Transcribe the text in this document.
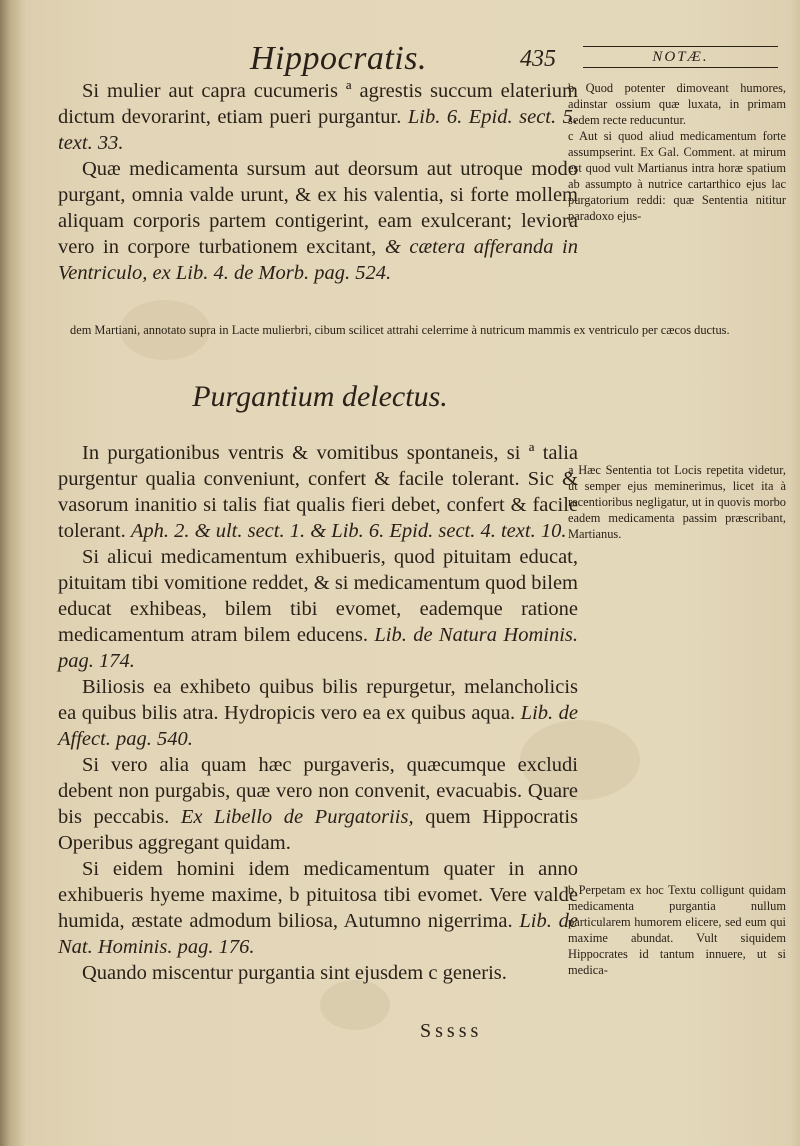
Hippocratis.	435	NOTÆ.

Si mulier aut capra cucumeris ª agrestis succum elaterium dictum devorarint, etiam pueri purgantur. Lib. 6. Epid. sect. 5. text. 33.

Quæ medicamenta sursum aut deorsum aut utroque modo purgant, omnia valde urunt, & ex his valentia, si forte mollem aliquam corporis partem contigerint, eam exulcerant; leviora vero in corpore turbationem excitant, & cætera afferanda in Ventriculo, ex Lib. 4. de Morb. pag. 524.

b Quod potenter dimoveant humores, adinstar ossium quæ luxata, in primam sedem recte reducuntur.

c Aut si quod aliud medicamentum forte assumpserint. Ex Gal. Comment. at mirum est quod vult Martianus intra horæ spatium ab assumpto à nutrice cartarthico ejus lac purgatorium reddi: quæ Sententia nititur paradoxo ejus-

dem Martiani, annotato supra in Lacte mulierbri, cibum scilicet attrahi celerrime à nutricum mammis ex ventriculo per cæcos ductus.
Purgantium delectus.

In purgationibus ventris & vomitibus spontaneis, si ª talia purgentur qualia conveniunt, confert & facile tolerant. Sic & vasorum inanitio si talis fiat qualis fieri debet, confert & facile tolerant. Aph. 2. & ult. sect. 1. & Lib. 6. Epid. sect. 4. text. 10.

Si alicui medicamentum exhibueris, quod pituitam educat, pituitam tibi vomitione reddet, & si medicamentum quod bilem educat exhibeas, bilem tibi evomet, eademque ratione medicamentum atram bilem educens. Lib. de Natura Hominis. pag. 174.

Biliosis ea exhibeto quibus bilis repurgetur, melancholicis ea quibus bilis atra. Hydropicis vero ea ex quibus aqua. Lib. de Affect. pag. 540.

Si vero alia quam hæc purgaveris, quæcumque excludi debent non purgabis, quæ vero non convenit, evacuabis. Quare bis peccabis. Ex Libello de Purgatoriis, quem Hippocratis Operibus aggregant quidam.

Si eidem homini idem medicamentum quater in anno exhibueris hyeme maxime, b pituitosa tibi evomet. Vere valde humida, æstate admodum biliosa, Autumno nigerrima. Lib. de Nat. Hominis. pag. 176.

Quando miscentur purgantia sint ejusdem c generis.

a Hæc Sententia tot Locis repetita videtur, ut semper ejus meminerimus, licet ita à recentioribus negligatur, ut in quovis morbo eadem medicamenta passim præscribant, Martianus.
b Perpetam ex hoc Textu colligunt quidam medicamenta purgantia nullum particularem humorem elicere, sed eum qui maxime abundat. Vult siquidem Hippocrates id tantum innuere, ut si medica-
Sssss
